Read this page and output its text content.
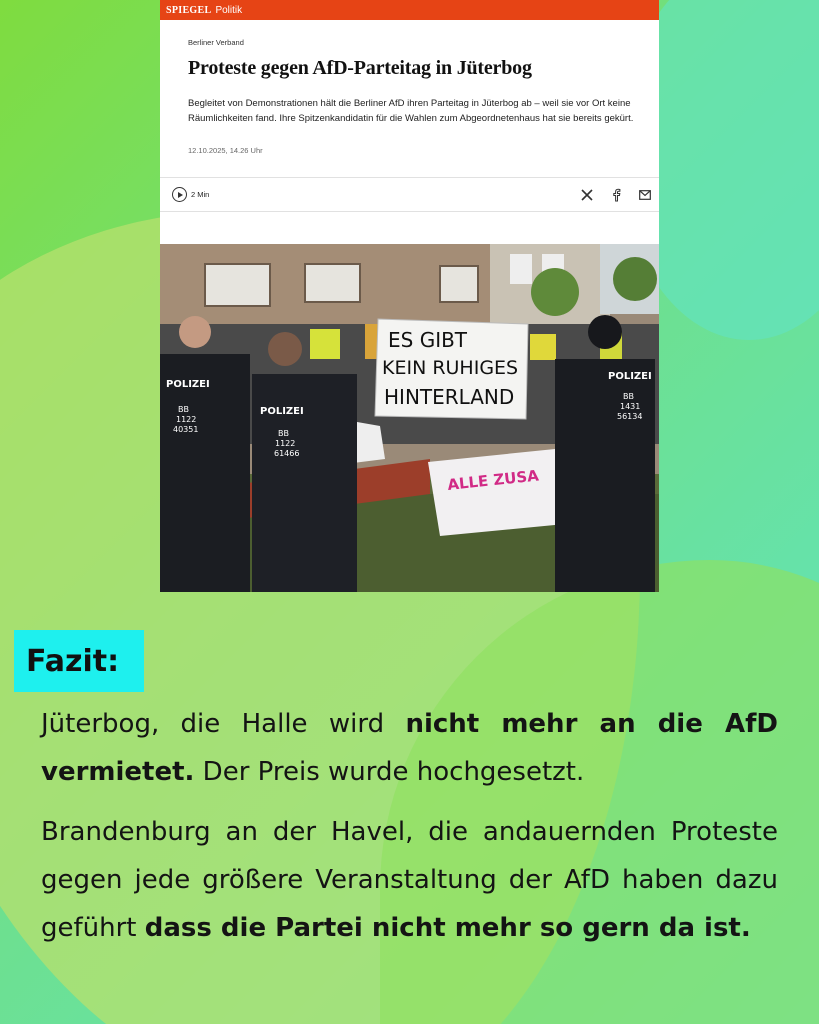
SPIEGEL Politik
Berliner Verband
Proteste gegen AfD-Parteitag in Jüterbog
Begleitet von Demonstrationen hält die Berliner AfD ihren Parteitag in Jüterbog ab – weil sie vor Ort keine Räumlichkeiten fand. Ihre Spitzenkandidatin für die Wahlen zum Abgeordnetenhaus hat sie bereits gekürt.
12.10.2025, 14.26 Uhr
2 Min
ES GIBT
KEIN RUHIGES
HINTERLAND
ALLE ZUSA
POLIZEI
BB
1122
40351
POLIZEI
BB
1122
61466
POLIZEI
BB
1431
56134
Fazit:

Jüterbog, die Halle wird nicht mehr an die AfD vermietet. Der Preis wurde hochgesetzt.

Brandenburg an der Havel, die andauernden Proteste gegen jede größere Veranstaltung der AfD haben dazu geführt dass die Partei nicht mehr so gern da ist.
